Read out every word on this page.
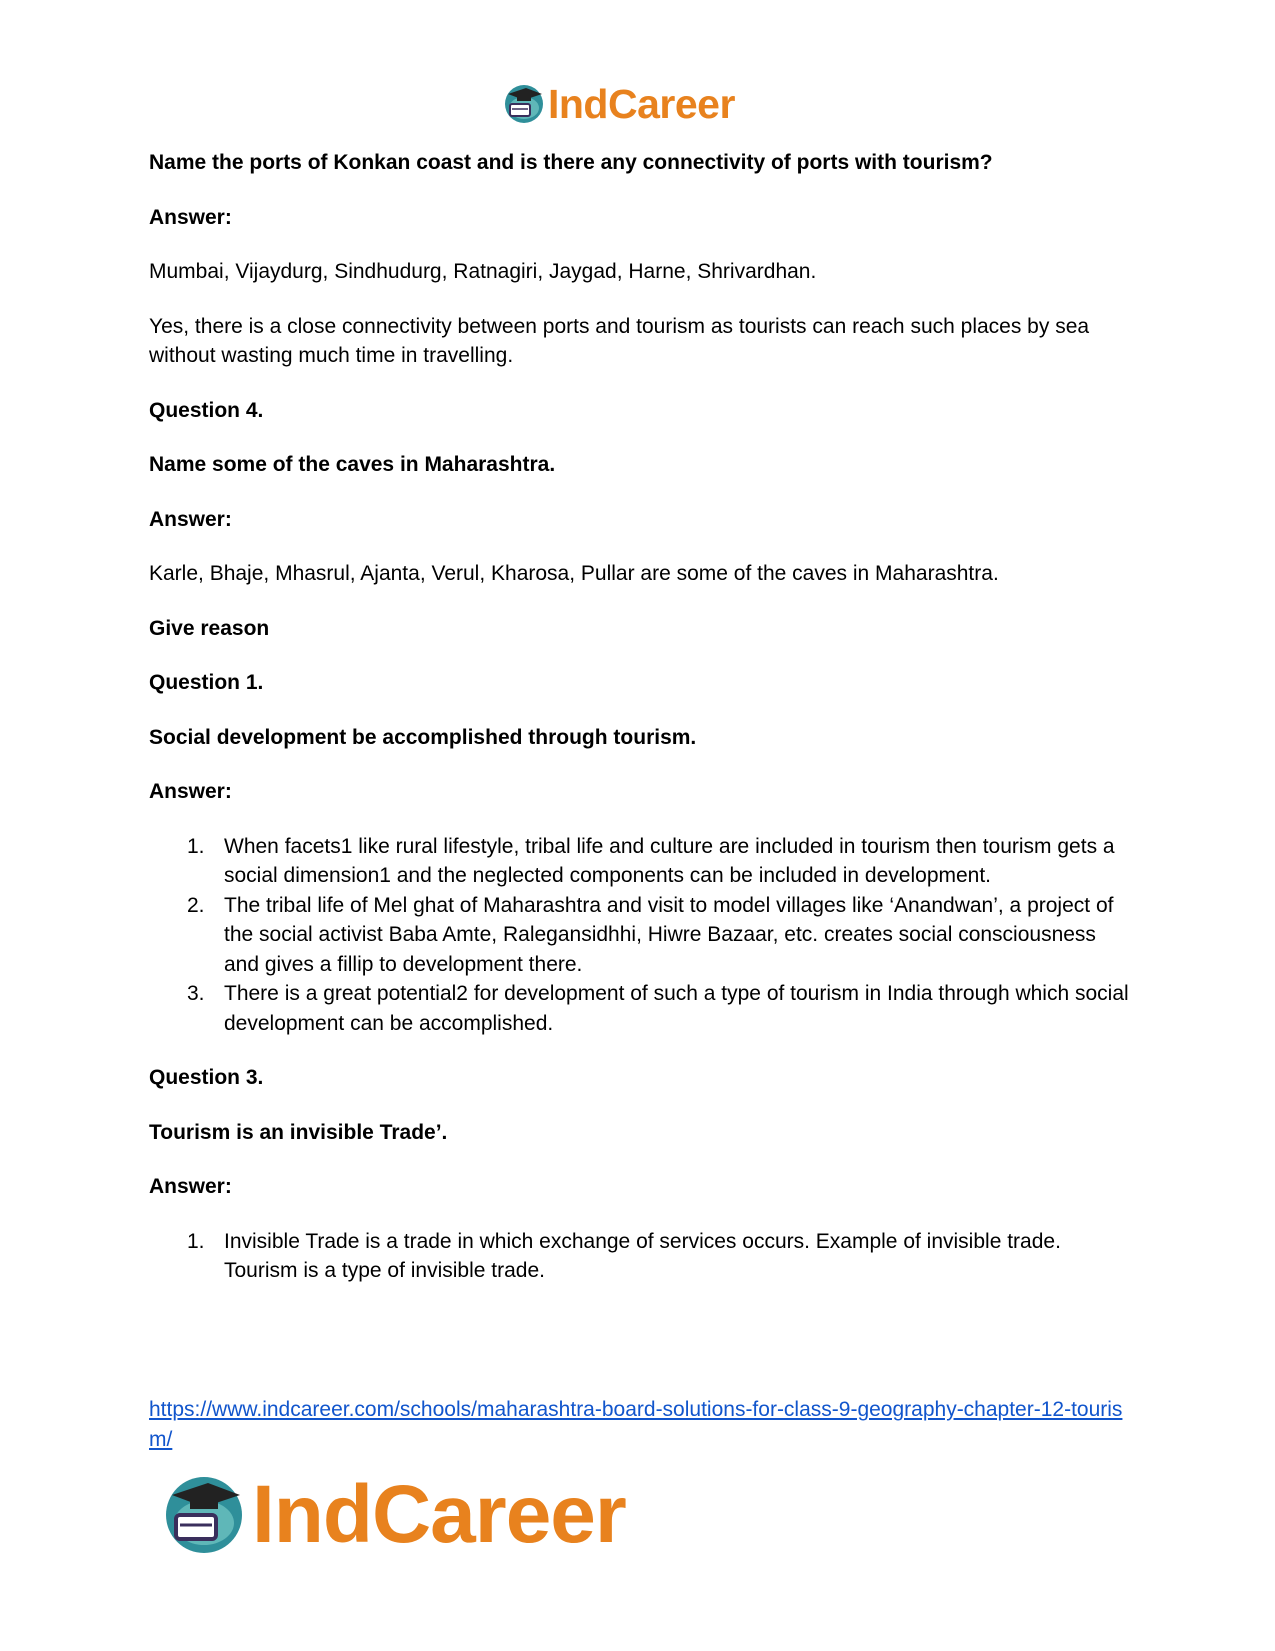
IndCareer

Name the ports of Konkan coast and is there any connectivity of ports with tourism?

Answer:

Mumbai, Vijaydurg, Sindhudurg, Ratnagiri, Jaygad, Harne, Shrivardhan.

Yes, there is a close connectivity between ports and tourism as tourists can reach such places by sea without wasting much time in travelling.

Question 4.

Name some of the caves in Maharashtra.

Answer:

Karle, Bhaje, Mhasrul, Ajanta, Verul, Kharosa, Pullar are some of the caves in Maharashtra.

Give reason

Question 1.

Social development be accomplished through tourism.

Answer:

1. When facets1 like rural lifestyle, tribal life and culture are included in tourism then tourism gets a social dimension1 and the neglected components can be included in development.
2. The tribal life of Mel ghat of Maharashtra and visit to model villages like ‘Anandwan’, a project of the social activist Baba Amte, Ralegansidhhi, Hiwre Bazaar, etc. creates social consciousness and gives a fillip to development there.
3. There is a great potential2 for development of such a type of tourism in India through which social development can be accomplished.

Question 3.

Tourism is an invisible Trade’.

Answer:

1. Invisible Trade is a trade in which exchange of services occurs. Example of invisible trade. Tourism is a type of invisible trade.
https://www.indcareer.com/schools/maharashtra-board-solutions-for-class-9-geography-chapter-12-tourism/
IndCareer
